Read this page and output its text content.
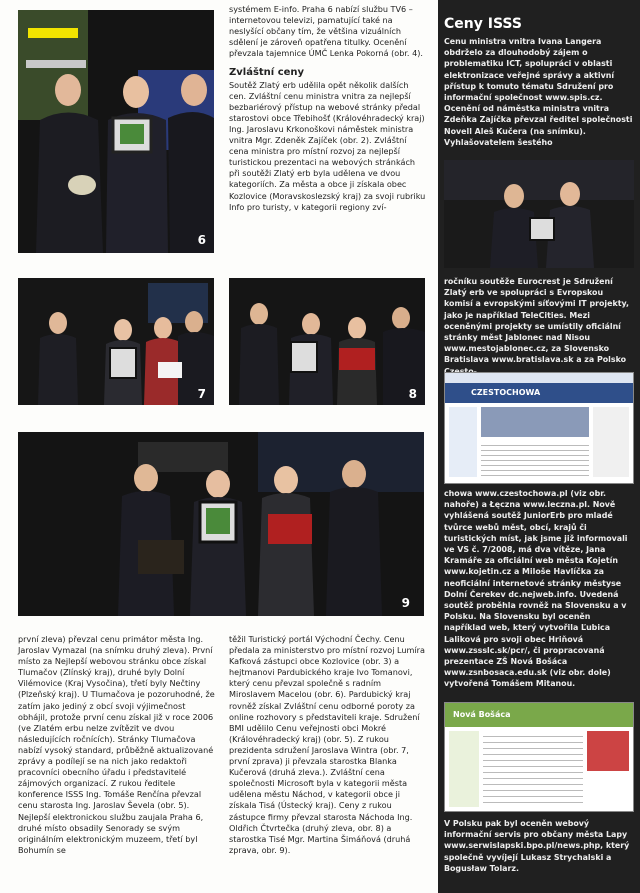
6
7	8
9

systémem E-info. Praha 6 nabízí službu TV6 – internetovou televizi, pamatující také na neslyšící občany tím, že většina vizuálních sdělení je zároveň opatřena titulky. Ocenění převzala tajemnice ÚMČ Lenka Pokorná (obr. 4).

Zvláštní ceny

Soutěž Zlatý erb udělila opět několik dalších cen. Zvláštní cenu ministra vnitra za nejlepší bezbariérový přístup na webové stránky předal starostovi obce Třebihošť (Královéhradecký kraj) Ing. Jaroslavu Krkonoškovi náměstek ministra vnitra Mgr. Zdeněk Zajíček (obr. 2). Zvláštní cena ministra pro místní rozvoj za nejlepší turistickou prezentaci na webových stránkách při soutěži Zlatý erb byla udělena ve dvou kategoriích. Za města a obce ji získala obec Kozlovice (Moravskoslezský kraj) za svoji rubriku Info pro turisty, v kategorii regiony zví-

první zleva) převzal cenu primátor města Ing. Jaroslav Vymazal (na snímku druhý zleva). První místo za Nejlepší webovou stránku obce získal Tlumačov (Zlínský kraj), druhé byly Dolní Vilémovice (Kraj Vysočina), třetí byly Nečtiny (Plzeňský kraj). U Tlumačova je pozoruhodné, že zatím jako jediný z obcí svoji výjimečnost obhájil, protože první cenu získal již v roce 2006 (ve Zlatém erbu nelze zvítězit ve dvou následujících ročnících). Stránky Tlumačova nabízí vysoký standard, průběžně aktualizované zprávy a podílejí se na nich jako redaktoři pracovníci obecního úřadu i představitelé zájmových organizací. Z rukou ředitele konference ISSS Ing. Tomáše Renčína převzal cenu starosta Ing. Jaroslav Ševela (obr. 5). Nejlepší elektronickou službu zaujala Praha 6, druhé místo obsadily Senorady se svým originálním elektronickým muzeem, třetí byl Bohumín se

těžil Turistický portál Východní Čechy. Cenu předala za ministerstvo pro místní rozvoj Lumíra Kafková zástupci obce Kozlovice (obr. 3) a hejtmanovi Pardubického kraje Ivo Tomanovi, který cenu převzal společně s radním Miroslavem Macelou (obr. 6). Pardubický kraj rovněž získal Zvláštní cenu odborné poroty za online rozhovory s představiteli kraje. Sdružení BMI udělilo Cenu veřejnosti obci Mokré (Královéhradecký kraj) (obr. 5). Z rukou prezidenta sdružení Jaroslava Wintra (obr. 7, první zprava) ji převzala starostka Blanka Kučerová (druhá zleva.). Zvláštní cena společnosti Microsoft byla v kategorii města udělena městu Náchod, v kategorii obce ji získala Tisá (Ústecký kraj). Ceny z rukou zástupce firmy převzal starosta Náchoda Ing. Oldřich Čtvrtečka (druhý zleva, obr. 8) a starostka Tisé Mgr. Martina Šimáňová (druhá zprava, obr. 9).

Ceny ISSS
Cenu ministra vnitra Ivana Langera obdrželo za dlouhodobý zájem o problematiku ICT, spolupráci v oblasti elektronizace veřejné správy a aktivní přístup k tomuto tématu Sdružení pro informační společnost www.spis.cz. Ocenění od náměstka ministra vnitra Zdeňka Zajíčka převzal ředitel společnosti Novell Aleš Kučera (na snímku). Vyhlašovatelem šestého
ročníku soutěže Eurocrest je Sdružení Zlatý erb ve spolupráci s Evropskou komisí a evropskými síťovými IT projekty, jako je například TeleCities. Mezi oceněnými projekty se umístily oficiální stránky měst Jablonec nad Nisou www.mestojablonec.cz, za Slovensko Bratislava www.bratislava.sk a za Polsko
CZESTOCHOWA
chowa www.czestochowa.pl (viz obr. nahoře) a Łęczna www.leczna.pl. Nově vyhlášená soutěž JuniorErb pro mladé tvůrce webů měst, obcí, krajů či turistických míst, jak jsme již informovali ve VS č. 7/2008, má dva vítěze, Jana Kramáře za oficiální web města Kojetín www.kojetin.cz a Miloše Havlíčka za neoficiální internetové stránky městyse Dolní Čerekev dc.nejweb.info. Uvedená soutěž proběhla rovněž na Slovensku a v Polsku. Na Slovensku byl oceněn například web, který vytvořila Ľubica Laliková pro svoji obec Hriňová www.zssslc.sk/pcr/, či propracovaná prezentace ZŠ Nová Bošáca www.zsnbosaca.edu.sk (viz obr. dole) vytvořená Tomášem Mitanou.
Nová Bošáca
V Polsku pak byl oceněn webový informační servis pro občany města Lapy www.serwislapski.bpo.pl/news.php, který společně vyvíjejí Lukasz Strychalski a Bogusław Tolarz.
